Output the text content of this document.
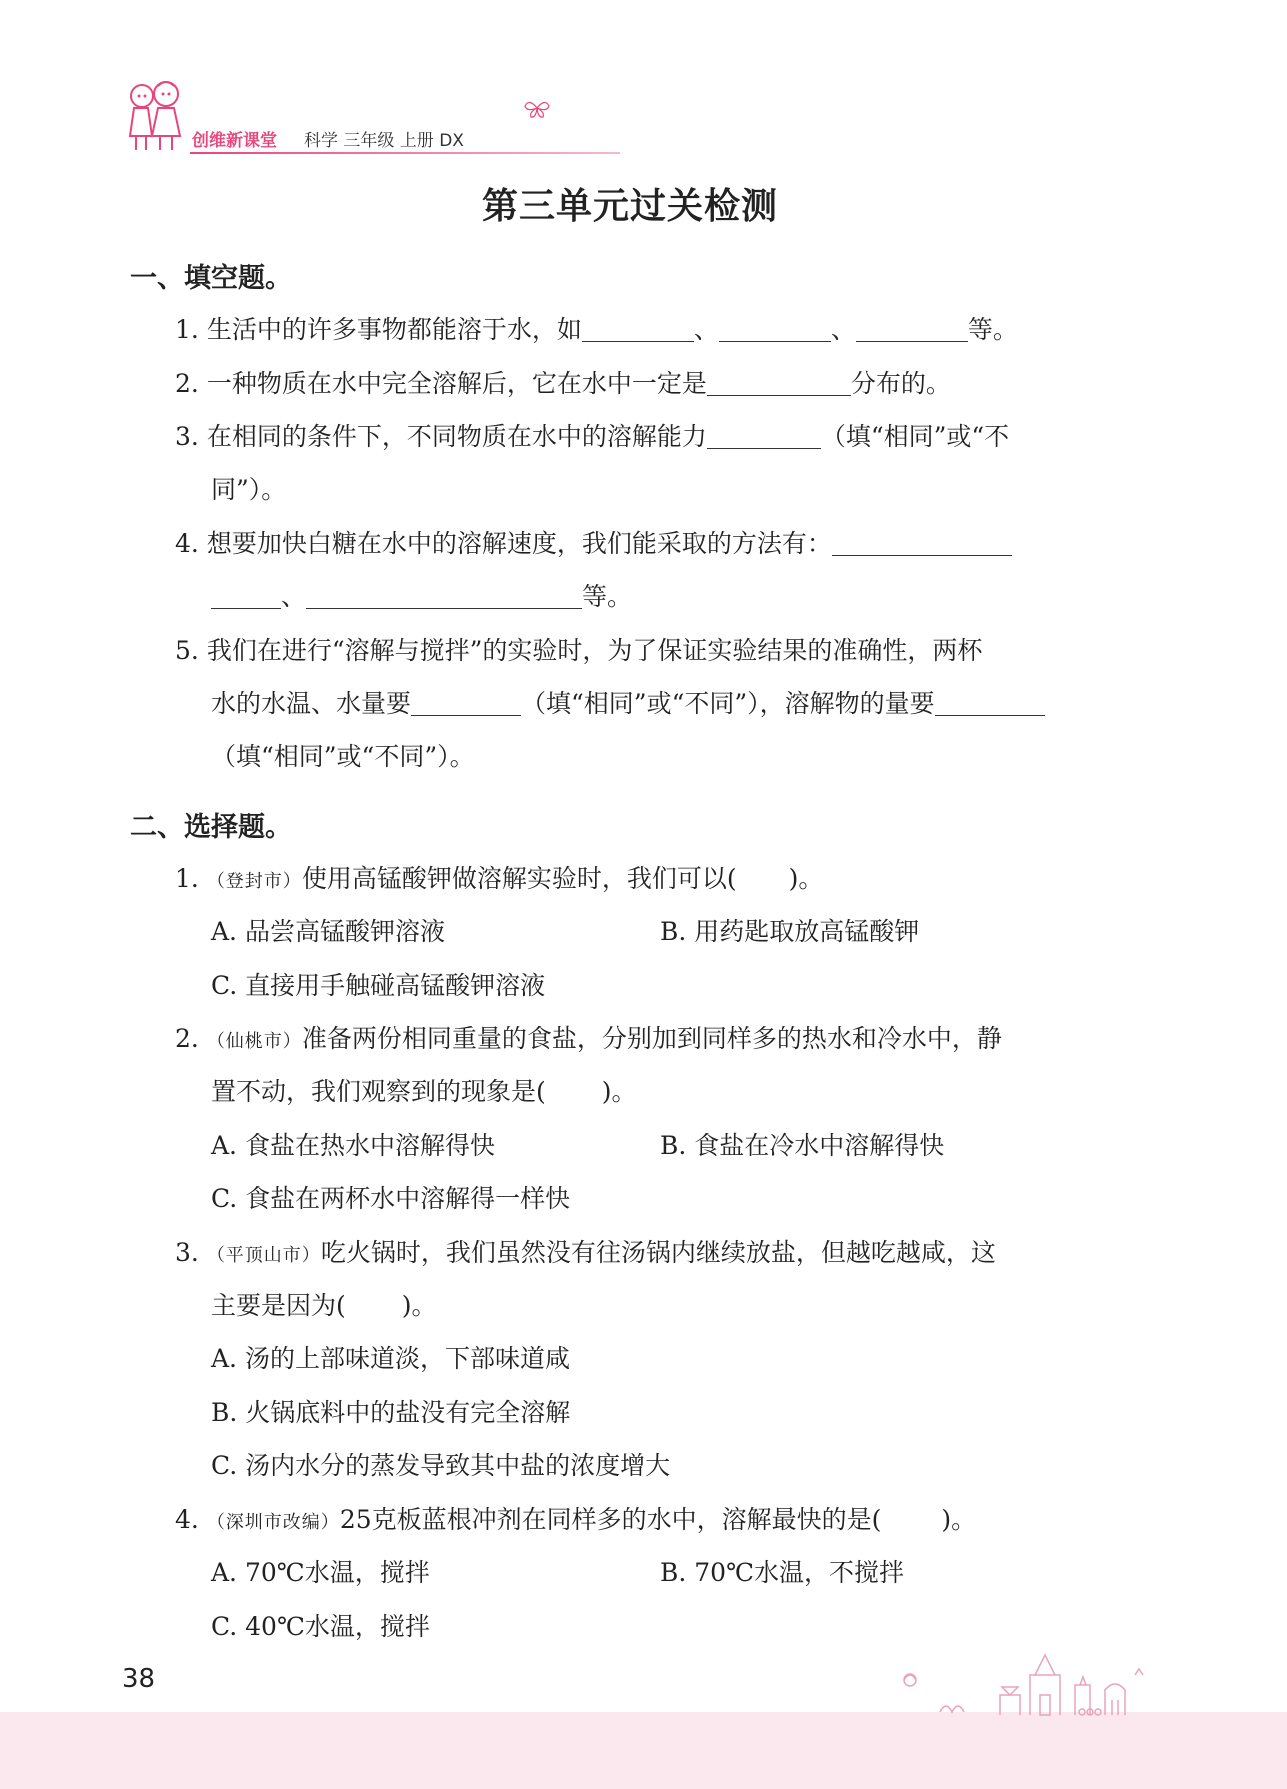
创维新课堂 科学 三年级 上册 DX
第三单元过关检测
一、填空题。
1. 生活中的许多事物都能溶于水，如	、	、	等。
2. 一种物质在水中完全溶解后，它在水中一定是	分布的。
3. 在相同的条件下，不同物质在水中的溶解能力	（填“相同”或“不
同”）。
4. 想要加快白糖在水中的溶解速度，我们能采取的方法有：
、	等。
5. 我们在进行“溶解与搅拌”的实验时，为了保证实验结果的准确性，两杯
水的水温、水量要	（填“相同”或“不同”），溶解物的量要
（填“相同”或“不同”）。
二、选择题。
1. （登封市）使用高锰酸钾做溶解实验时，我们可以( )。
A. 品尝高锰酸钾溶液	B. 用药匙取放高锰酸钾
C. 直接用手触碰高锰酸钾溶液
2. （仙桃市）准备两份相同重量的食盐，分别加到同样多的热水和冷水中，静
置不动，我们观察到的现象是( )。
A. 食盐在热水中溶解得快	B. 食盐在冷水中溶解得快
C. 食盐在两杯水中溶解得一样快
3. （平顶山市）吃火锅时，我们虽然没有往汤锅内继续放盐，但越吃越咸，这
主要是因为( )。
A. 汤的上部味道淡，下部味道咸
B. 火锅底料中的盐没有完全溶解
C. 汤内水分的蒸发导致其中盐的浓度增大
4. （深圳市改编）25克板蓝根冲剂在同样多的水中，溶解最快的是( )。
A. 70℃水温，搅拌	B. 70℃水温，不搅拌
C. 40℃水温，搅拌
38
